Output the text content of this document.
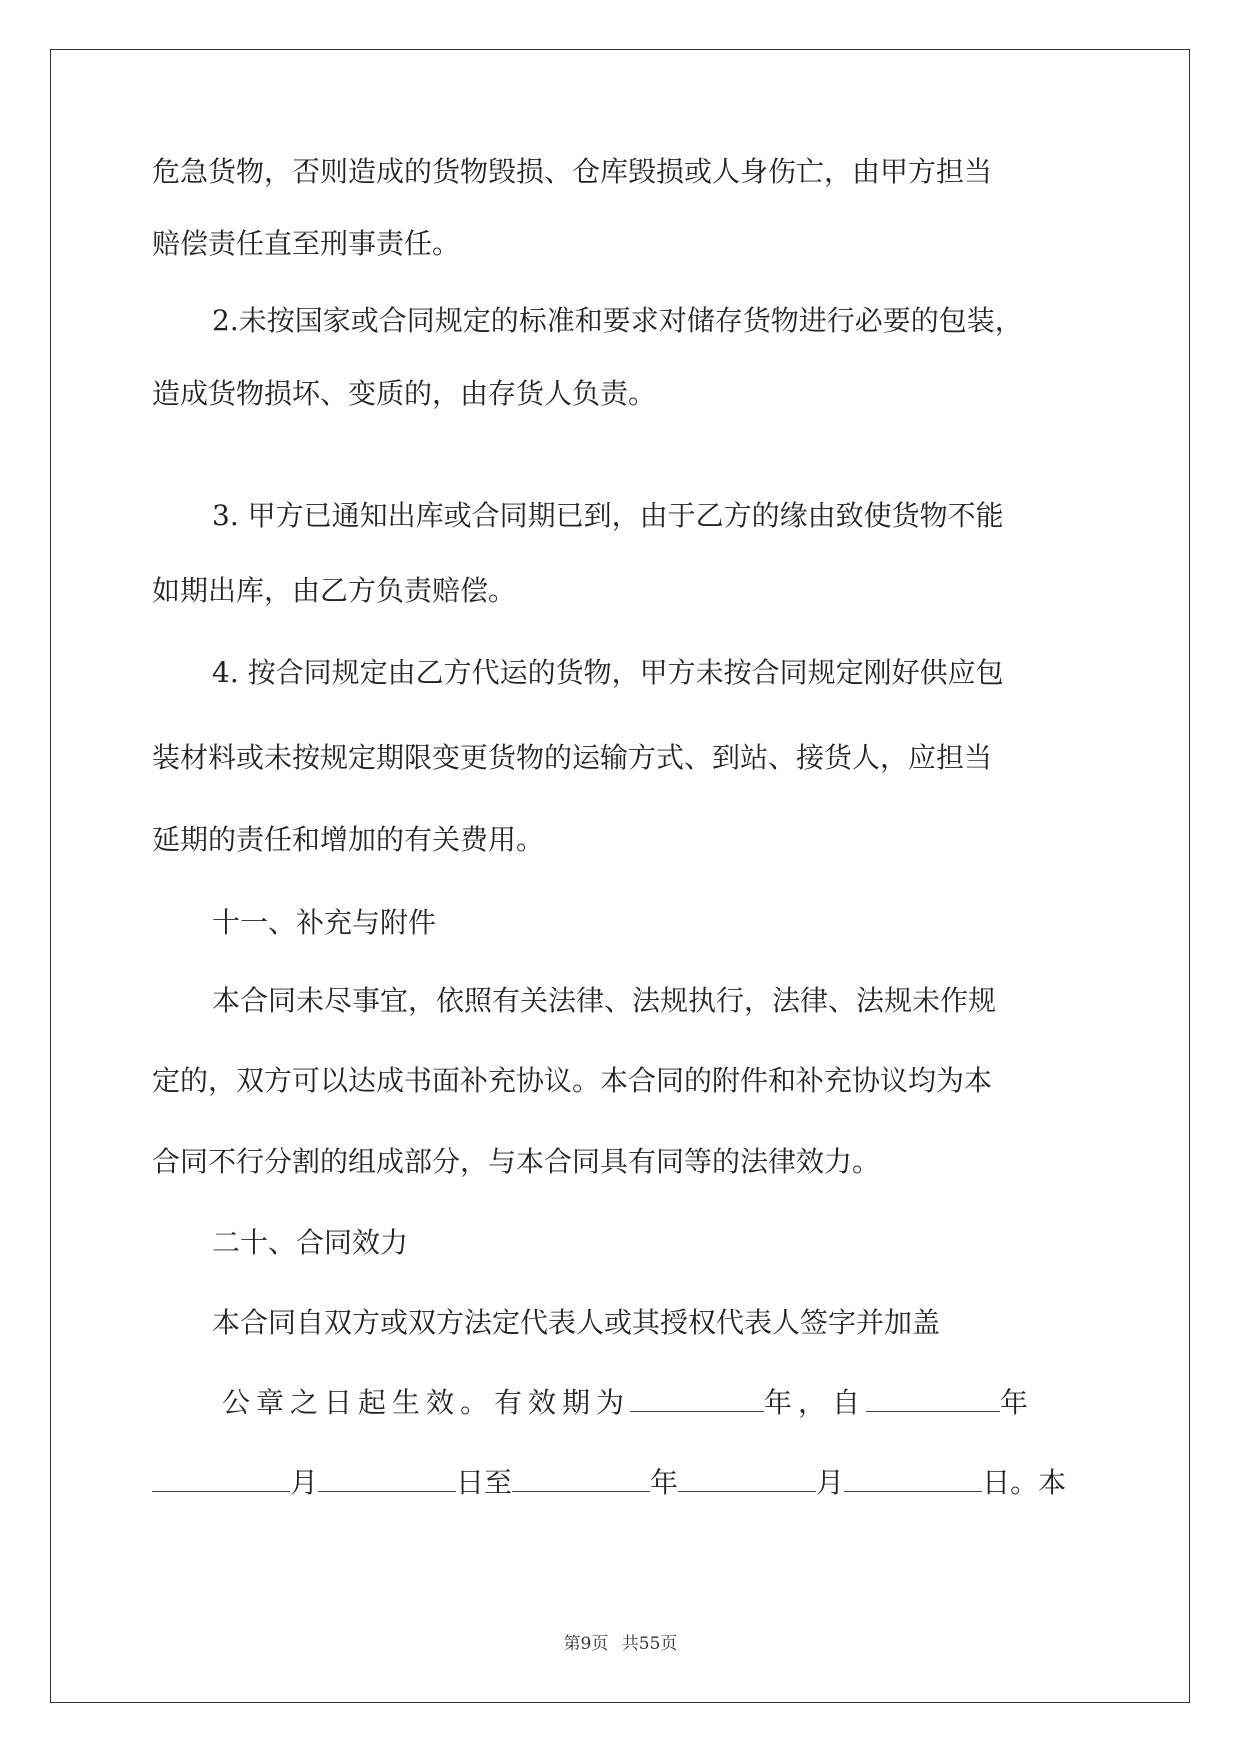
危急货物，否则造成的货物毁损、仓库毁损或人身伤亡，由甲方担当

赔偿责任直至刑事责任。

2.未按国家或合同规定的标准和要求对储存货物进行必要的包装，

造成货物损坏、变质的，由存货人负责。

3. 甲方已通知出库或合同期已到，由于乙方的缘由致使货物不能

如期出库，由乙方负责赔偿。

4. 按合同规定由乙方代运的货物，甲方未按合同规定刚好供应包

装材料或未按规定期限变更货物的运输方式、到站、接货人，应担当

延期的责任和增加的有关费用。

十一、补充与附件

本合同未尽事宜，依照有关法律、法规执行，法律、法规未作规

定的，双方可以达成书面补充协议。本合同的附件和补充协议均为本

合同不行分割的组成部分，与本合同具有同等的法律效力。

二十、合同效力

本合同自双方或双方法定代表人或其授权代表人签字并加盖

公章之日起生效。有效期为	年，自	年

月	日至	年	月	日。本

第9页 共55页
